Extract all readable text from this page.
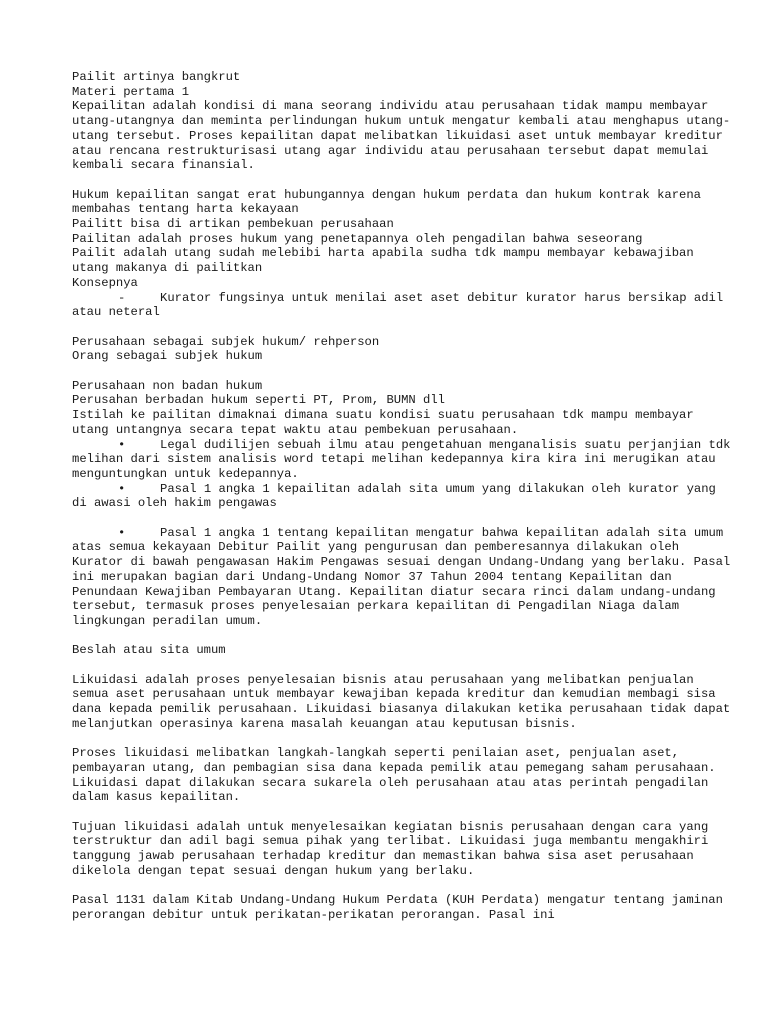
Pailit artinya bangkrut

Materi pertama 1

Kepailitan adalah kondisi di mana seorang individu atau perusahaan tidak mampu membayar utang-utangnya dan meminta perlindungan hukum untuk mengatur kembali atau menghapus utang-utang tersebut. Proses kepailitan dapat melibatkan likuidasi aset untuk membayar kreditur atau rencana restrukturisasi utang agar individu atau perusahaan tersebut dapat memulai kembali secara finansial.

Hukum kepailitan sangat erat hubungannya dengan hukum perdata dan hukum kontrak karena membahas tentang harta kekayaan

Pailitt bisa di artikan pembekuan perusahaan

Pailitan adalah proses hukum yang penetapannya oleh pengadilan bahwa seseorang

Pailit adalah utang sudah melebibi harta apabila sudha tdk mampu membayar kebawajiban utang makanya di pailitkan

Konsepnya

-	Kurator fungsinya untuk menilai aset aset debitur kurator harus bersikap adil atau neteral

Perusahaan sebagai subjek hukum/ rehperson

Orang sebagai subjek hukum

Perusahaan non badan hukum

Perusahan berbadan hukum seperti PT, Prom, BUMN dll

Istilah ke pailitan dimaknai dimana suatu kondisi suatu perusahaan tdk mampu membayar utang untangnya secara tepat waktu atau pembekuan perusahaan.

•	Legal dudilijen sebuah ilmu atau pengetahuan menganalisis suatu perjanjian tdk melihan dari sistem analisis word tetapi melihan kedepannya kira kira ini merugikan atau menguntungkan untuk kedepannya.

•	Pasal 1 angka 1 kepailitan adalah sita umum yang dilakukan oleh kurator yang di awasi oleh hakim pengawas

•	Pasal 1 angka 1 tentang kepailitan mengatur bahwa kepailitan adalah sita umum atas semua kekayaan Debitur Pailit yang pengurusan dan pemberesannya dilakukan oleh Kurator di bawah pengawasan Hakim Pengawas sesuai dengan Undang-Undang yang berlaku. Pasal ini merupakan bagian dari Undang-Undang Nomor 37 Tahun 2004 tentang Kepailitan dan Penundaan Kewajiban Pembayaran Utang. Kepailitan diatur secara rinci dalam undang-undang tersebut, termasuk proses penyelesaian perkara kepailitan di Pengadilan Niaga dalam lingkungan peradilan umum.

Beslah atau sita umum

Likuidasi adalah proses penyelesaian bisnis atau perusahaan yang melibatkan penjualan semua aset perusahaan untuk membayar kewajiban kepada kreditur dan kemudian membagi sisa dana kepada pemilik perusahaan. Likuidasi biasanya dilakukan ketika perusahaan tidak dapat melanjutkan operasinya karena masalah keuangan atau keputusan bisnis.

Proses likuidasi melibatkan langkah-langkah seperti penilaian aset, penjualan aset, pembayaran utang, dan pembagian sisa dana kepada pemilik atau pemegang saham perusahaan. Likuidasi dapat dilakukan secara sukarela oleh perusahaan atau atas perintah pengadilan dalam kasus kepailitan.

Tujuan likuidasi adalah untuk menyelesaikan kegiatan bisnis perusahaan dengan cara yang terstruktur dan adil bagi semua pihak yang terlibat. Likuidasi juga membantu mengakhiri tanggung jawab perusahaan terhadap kreditur dan memastikan bahwa sisa aset perusahaan dikelola dengan tepat sesuai dengan hukum yang berlaku.

Pasal 1131 dalam Kitab Undang-Undang Hukum Perdata (KUH Perdata) mengatur tentang jaminan perorangan debitur untuk perikatan-perikatan perorangan. Pasal ini
